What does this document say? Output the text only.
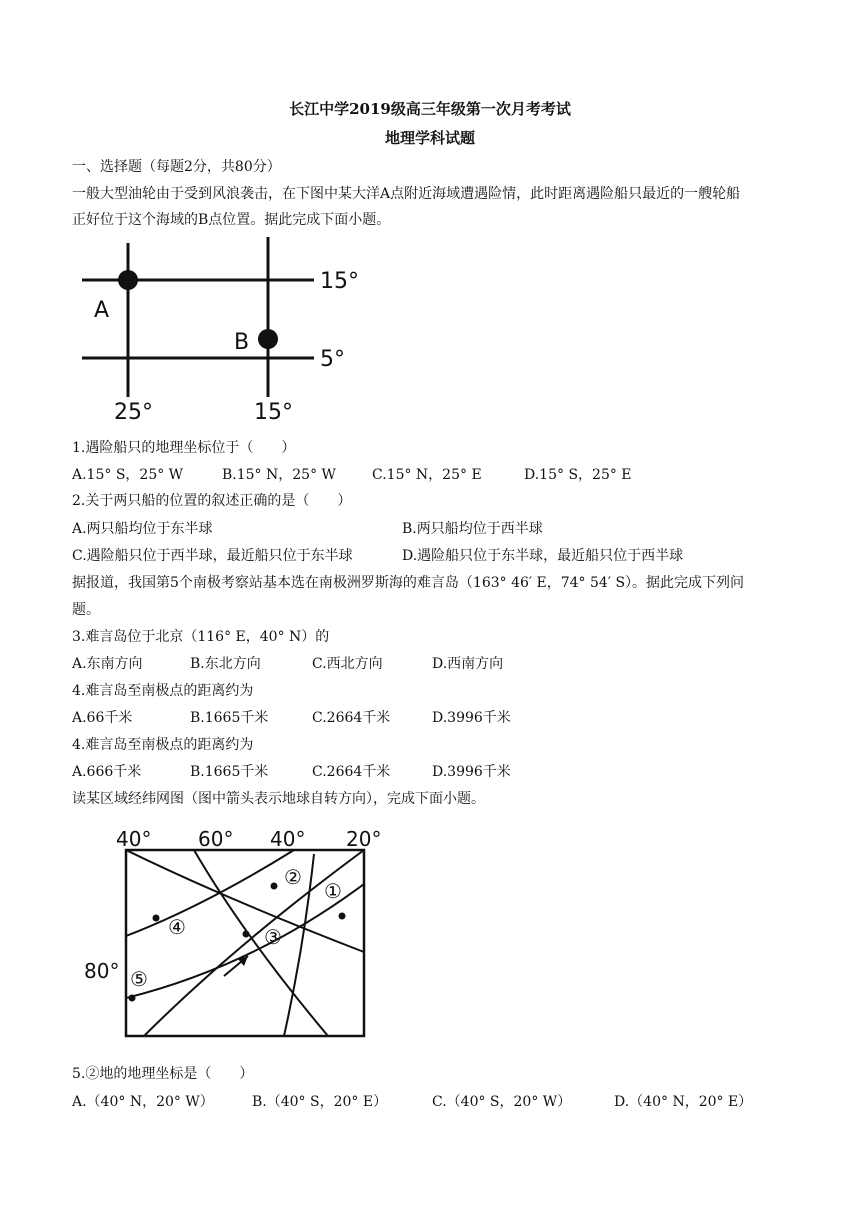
长江中学2019级高三年级第一次月考考试
地理学科试题
一、选择题（每题2分，共80分）
一般大型油轮由于受到风浪袭击，在下图中某大洋A点附近海域遭遇险情，此时距离遇险船只最近的一艘轮船
正好位于这个海域的B点位置。据此完成下面小题。
A
B
15°
5°
25°	15°
1.遇险船只的地理坐标位于（　　）
A.15° S，25° W	B.15° N，25° W	C.15° N，25° E	D.15° S，25° E
2.关于两只船的位置的叙述正确的是（　　）
A.两只船均位于东半球	B.两只船均位于西半球
C.遇险船只位于西半球，最近船只位于东半球	D.遇险船只位于东半球，最近船只位于西半球
据报道，我国第5个南极考察站基本选在南极洲罗斯海的难言岛（163° 46′ E，74° 54′ S）。据此完成下列问
题。
3.难言岛位于北京（116° E，40° N）的
A.东南方向	B.东北方向	C.西北方向	D.西南方向
4.难言岛至南极点的距离约为
A.66千米	B.1665千米	C.2664千米	D.3996千米
4.难言岛至南极点的距离约为
A.666千米	B.1665千米	C.2664千米	D.3996千米
读某区域经纬网图（图中箭头表示地球自转方向），完成下面小题。
40° 60° 40° 20°
80°
①
②
③
④
⑤
5.②地的地理坐标是（　　）
A.（40° N，20° W）	B.（40° S，20° E）	C.（40° S，20° W）	D.（40° N，20° E）
